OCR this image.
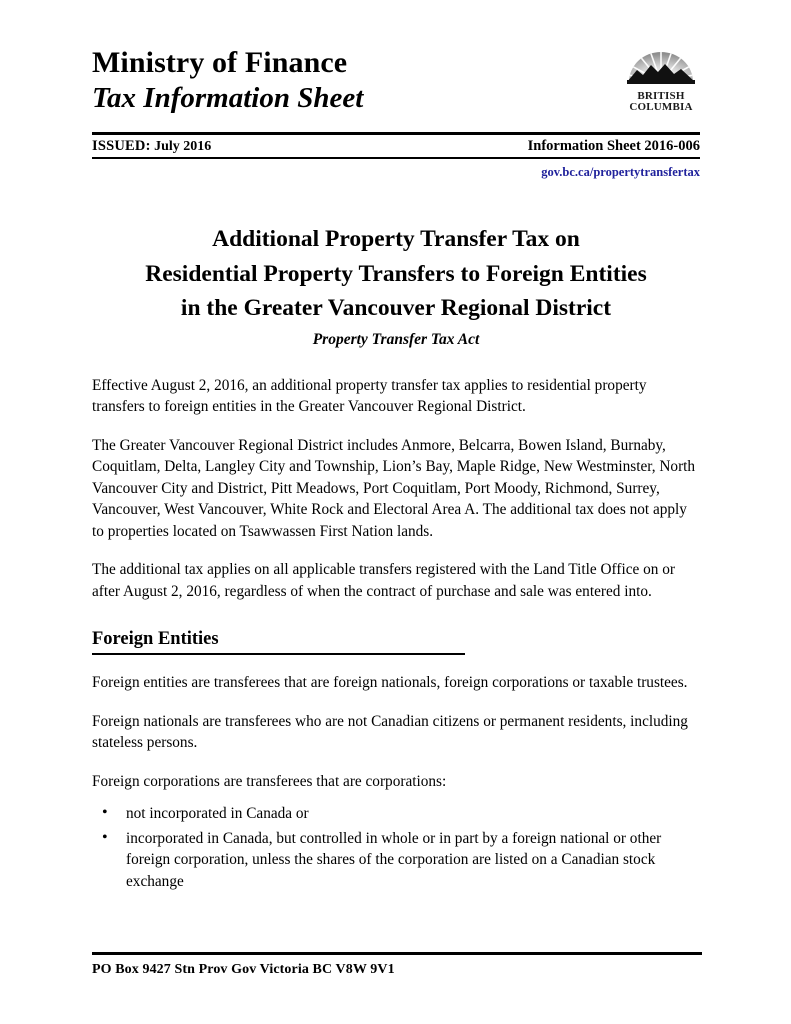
Ministry of Finance
Tax Information Sheet	BRITISH
COLUMBIA
ISSUED: July 2016	Information Sheet 2016-006
gov.bc.ca/propertytransfertax
Additional Property Transfer Tax on
Residential Property Transfers to Foreign Entities
in the Greater Vancouver Regional District
Property Transfer Tax Act

Effective August 2, 2016, an additional property transfer tax applies to residential property transfers to foreign entities in the Greater Vancouver Regional District.

The Greater Vancouver Regional District includes Anmore, Belcarra, Bowen Island, Burnaby, Coquitlam, Delta, Langley City and Township, Lion’s Bay, Maple Ridge, New Westminster, North Vancouver City and District, Pitt Meadows, Port Coquitlam, Port Moody, Richmond, Surrey, Vancouver, West Vancouver, White Rock and Electoral Area A. The additional tax does not apply to properties located on Tsawwassen First Nation lands.

The additional tax applies on all applicable transfers registered with the Land Title Office on or after August 2, 2016, regardless of when the contract of purchase and sale was entered into.

Foreign Entities

Foreign entities are transferees that are foreign nationals, foreign corporations or taxable trustees.

Foreign nationals are transferees who are not Canadian citizens or permanent residents, including stateless persons.

Foreign corporations are transferees that are corporations:

• not incorporated in Canada or
• incorporated in Canada, but controlled in whole or in part by a foreign national or other foreign corporation, unless the shares of the corporation are listed on a Canadian stock exchange
PO Box 9427 Stn Prov Gov Victoria BC V8W 9V1
